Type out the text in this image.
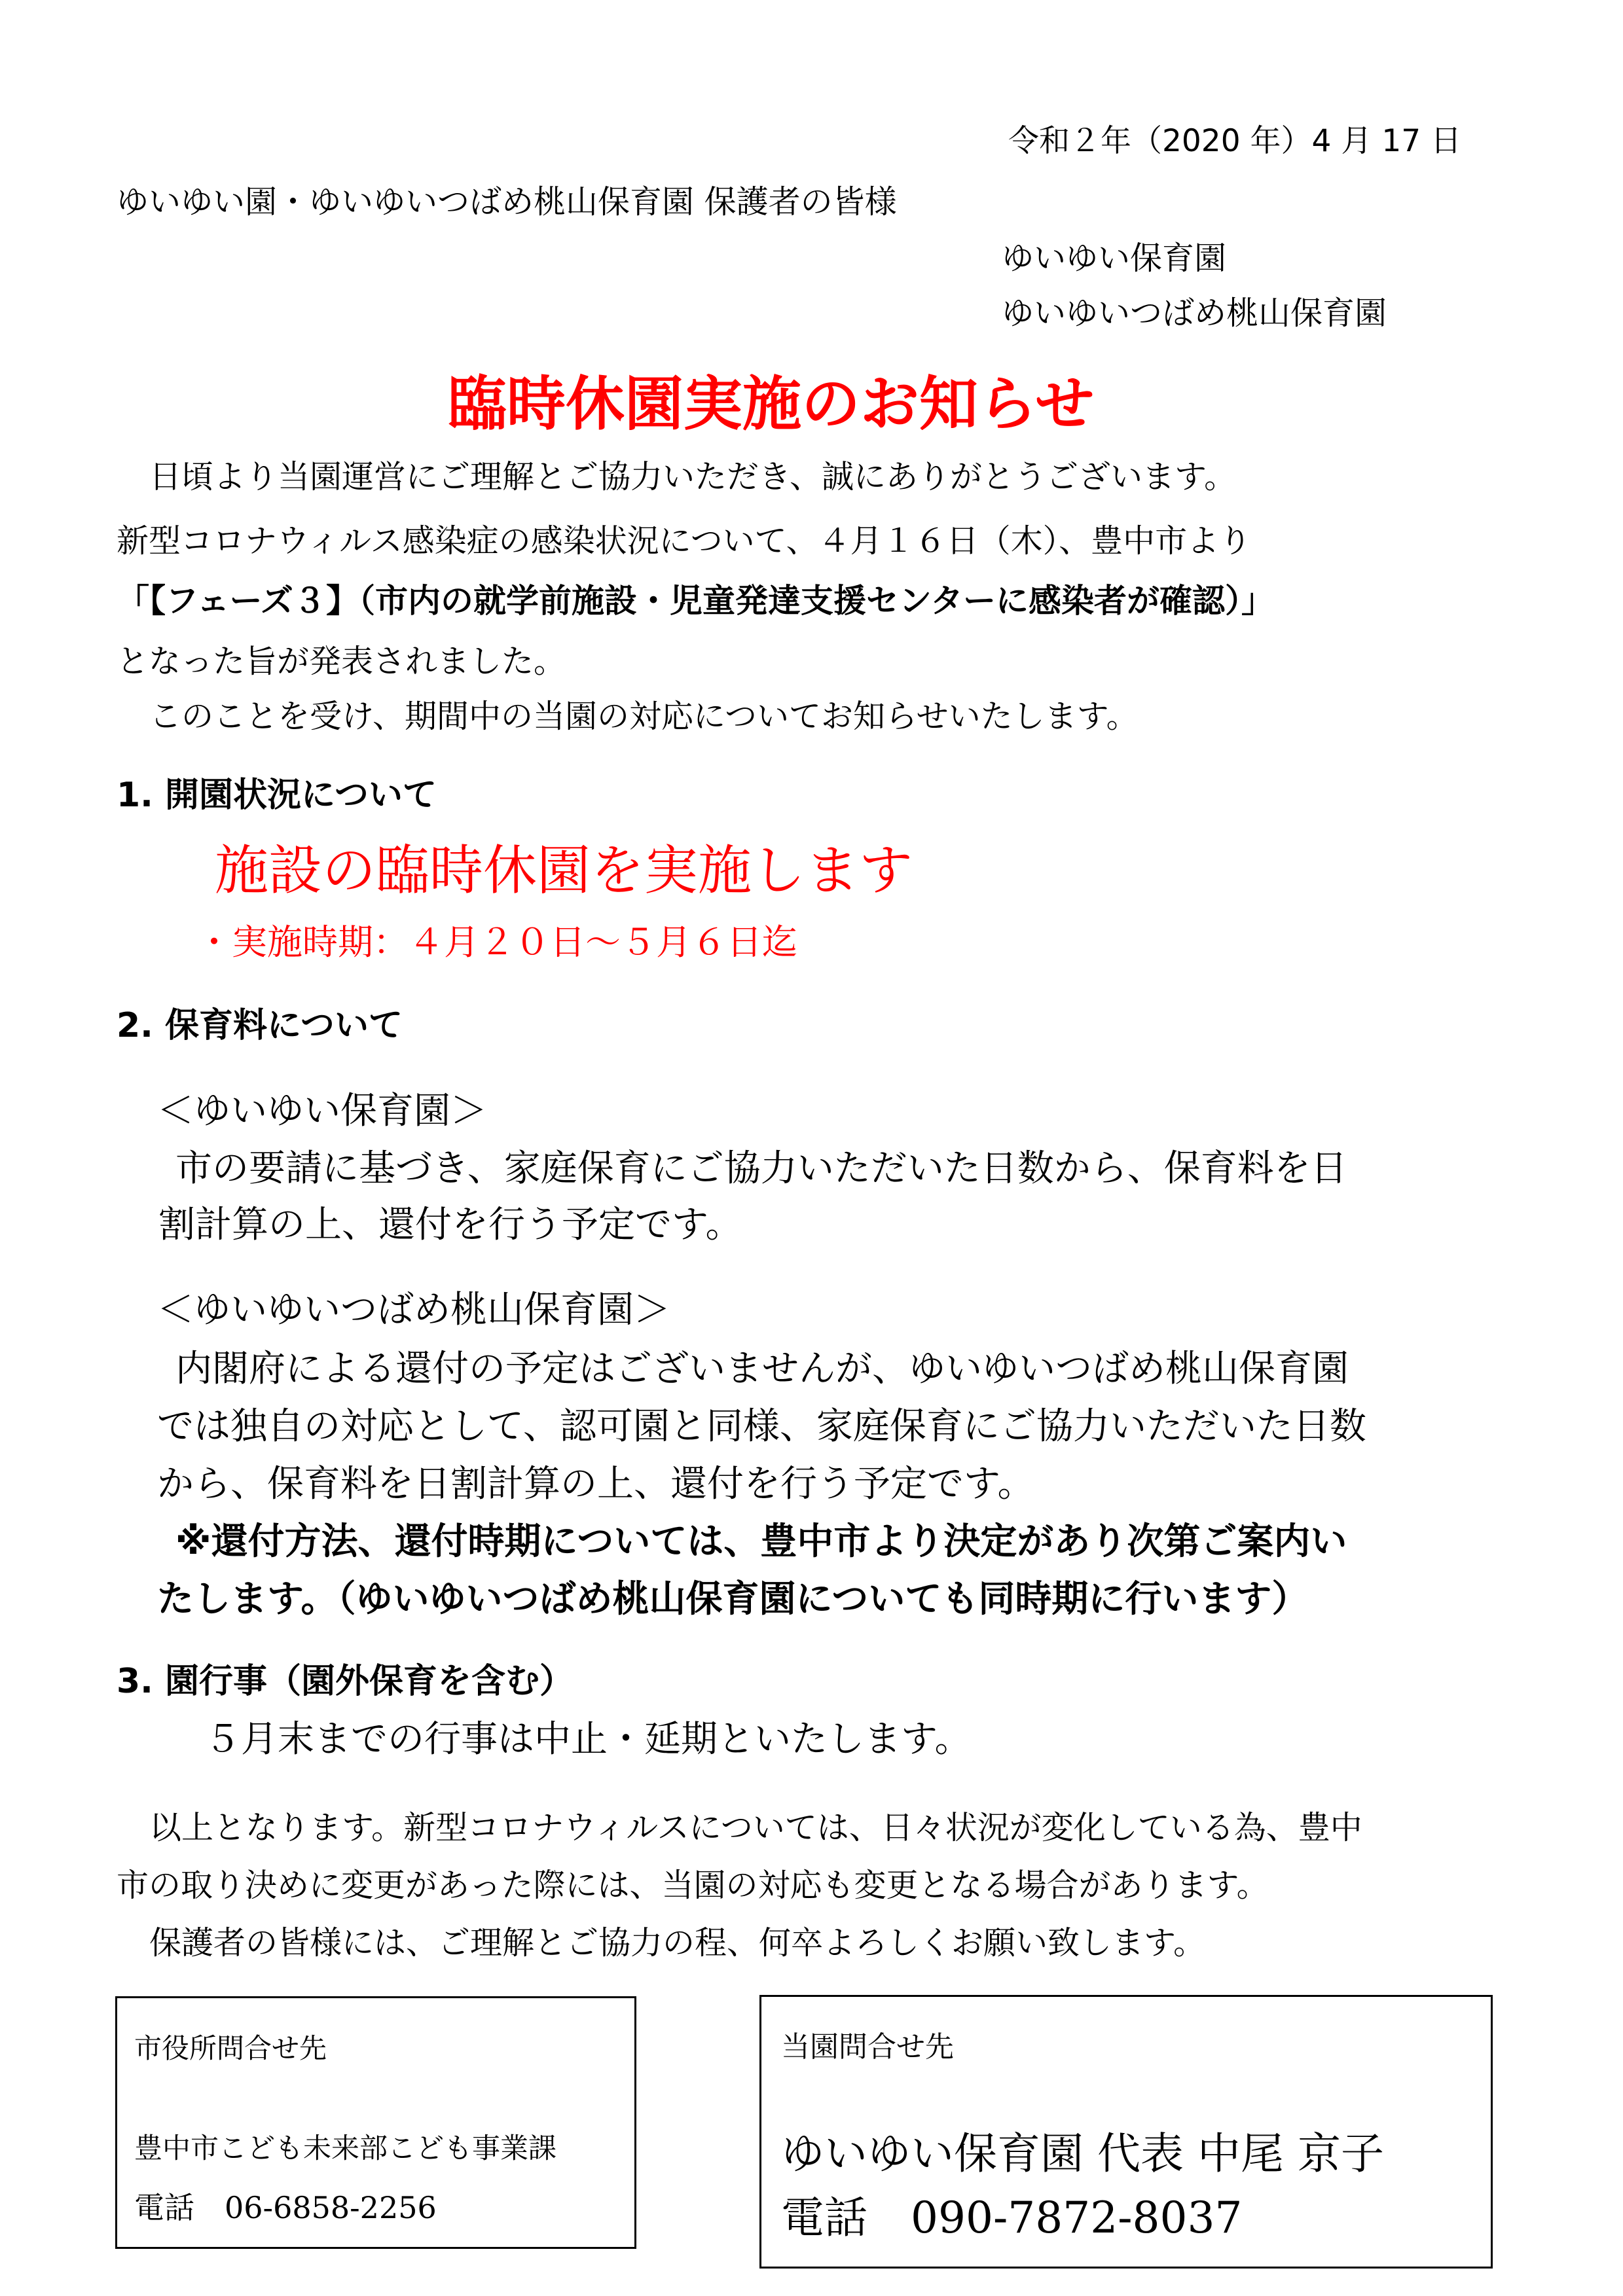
令和２年（2020 年）4 月 17 日
ゆいゆい園・ゆいゆいつばめ桃山保育園 保護者の皆様
ゆいゆい保育園
ゆいゆいつばめ桃山保育園
臨時休園実施のお知らせ
日頃より当園運営にご理解とご協力いただき、誠にありがとうございます。
新型コロナウィルス感染症の感染状況について、４月１６日（木）、豊中市より
「【フェーズ３】（市内の就学前施設・児童発達支援センターに感染者が確認）」
となった旨が発表されました。
このことを受け、期間中の当園の対応についてお知らせいたします。
1. 開園状況について
施設の臨時休園を実施します
・実施時期：４月２０日～５月６日迄
2. 保育料について
＜ゆいゆい保育園＞
市の要請に基づき、家庭保育にご協力いただいた日数から、保育料を日
割計算の上、還付を行う予定です。
＜ゆいゆいつばめ桃山保育園＞
内閣府による還付の予定はございませんが、ゆいゆいつばめ桃山保育園
では独自の対応として、認可園と同様、家庭保育にご協力いただいた日数
から、保育料を日割計算の上、還付を行う予定です。
※還付方法、還付時期については、豊中市より決定があり次第ご案内い
たします。（ゆいゆいつばめ桃山保育園についても同時期に行います）
3. 園行事（園外保育を含む）
５月末までの行事は中止・延期といたします。
以上となります。新型コロナウィルスについては、日々状況が変化している為、豊中
市の取り決めに変更があった際には、当園の対応も変更となる場合があります。
保護者の皆様には、ご理解とご協力の程、何卒よろしくお願い致します。
市役所問合せ先
豊中市こども未来部こども事業課
電話　06-6858-2256
当園問合せ先
ゆいゆい保育園 代表 中尾 京子
電話　090-7872-8037
